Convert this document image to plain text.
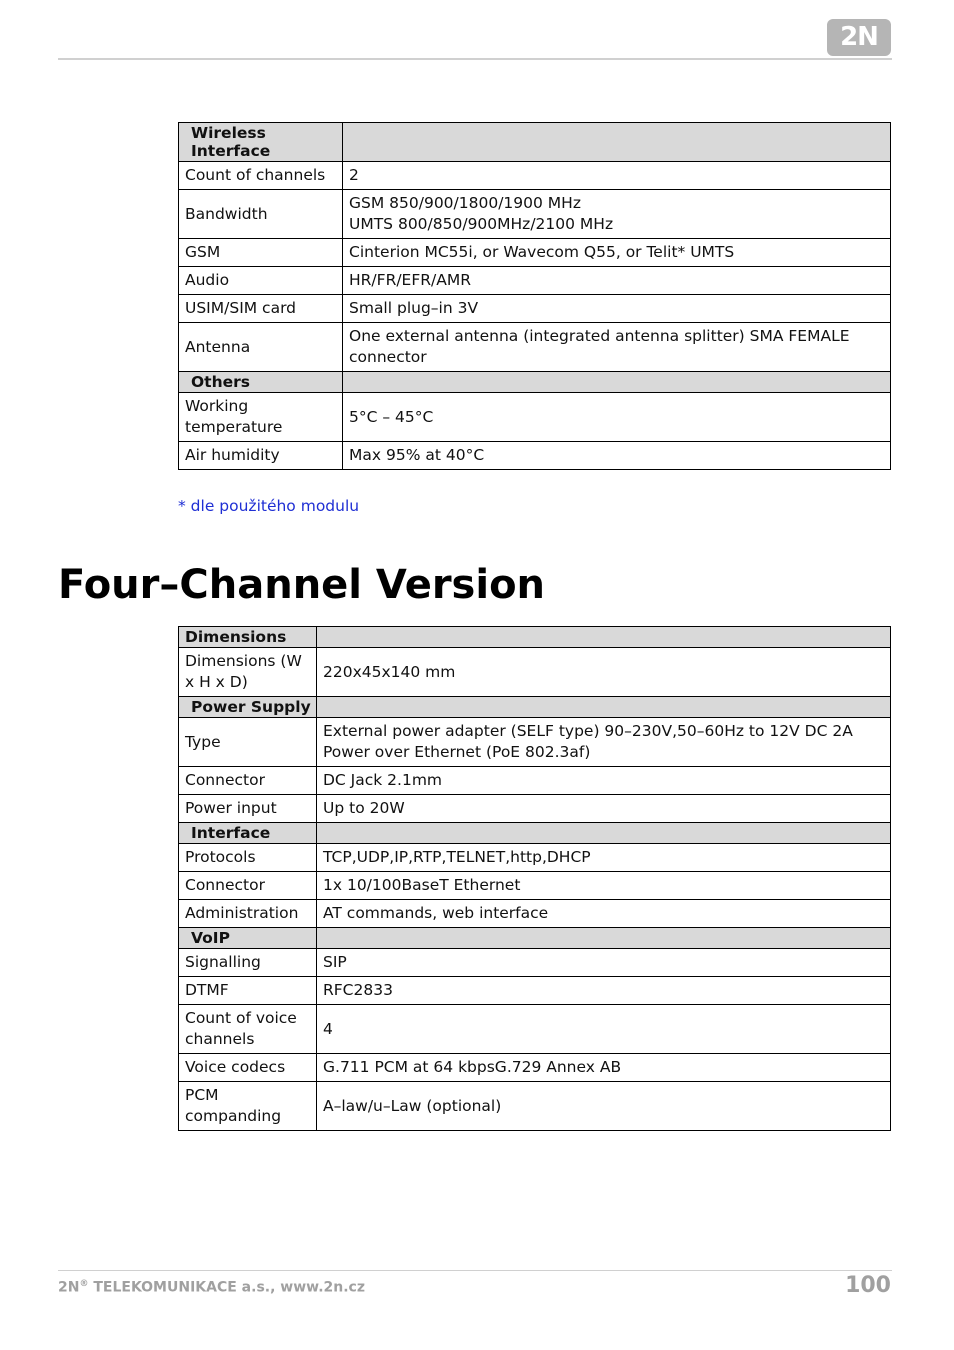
2N
Wireless Interface	
Count of channels	2
Bandwidth	GSM 850/900/1800/1900 MHz
UMTS 800/850/900MHz/2100 MHz
GSM	Cinterion MC55i, or Wavecom Q55, or Telit* UMTS
Audio	HR/FR/EFR/AMR
USIM/SIM card	Small plug–in 3V
Antenna	One external antenna (integrated antenna splitter) SMA FEMALE connector
Others	
Working temperature	5°C – 45°C
Air humidity	Max 95% at 40°C
* dle použitého modulu
Four–Channel Version
Dimensions	
Dimensions (W x H x D)	220x45x140 mm
Power Supply	
Type	External power adapter (SELF type) 90–230V,50–60Hz to 12V DC 2A Power over Ethernet (PoE 802.3af)
Connector	DC Jack 2.1mm
Power input	Up to 20W
Interface	
Protocols	TCP,UDP,IP,RTP,TELNET,http,DHCP
Connector	1x 10/100BaseT Ethernet
Administration	AT commands, web interface
VoIP	
Signalling	SIP
DTMF	RFC2833
Count of voice channels	4
Voice codecs	G.711 PCM at 64 kbpsG.729 Annex AB
PCM companding	A–law/u–Law (optional)
2N® TELEKOMUNIKACE a.s., www.2n.cz	100
